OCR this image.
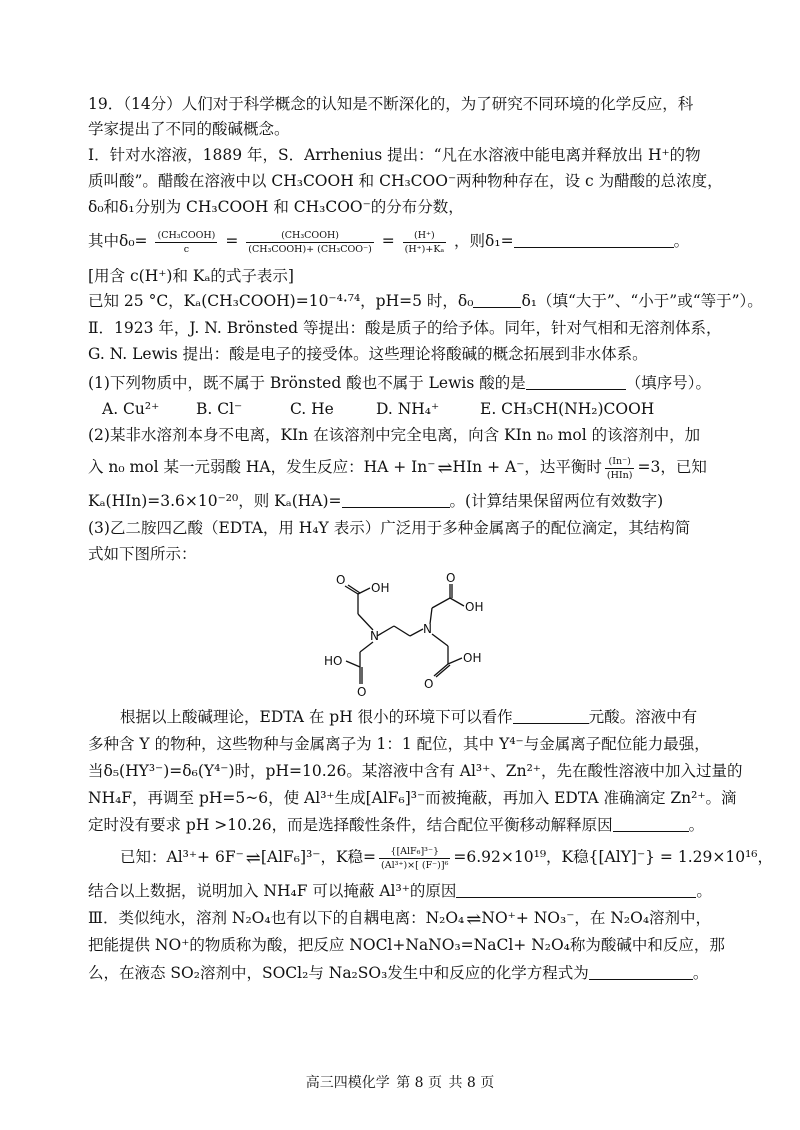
19．（14分）人们对于科学概念的认知是不断深化的，为了研究不同环境的化学反应，科
学家提出了不同的酸碱概念。
Ⅰ．针对水溶液，1889 年，S．Arrhenius 提出：“凡在水溶液中能电离并释放出 H⁺的物
质叫酸”。醋酸在溶液中以 CH₃COOH 和 CH₃COO⁻两种物种存在，设 c 为醋酸的总浓度，
δ₀和δ₁分别为 CH₃COOH 和 CH₃COO⁻的分布分数，
其中$\delta_0= \frac{\text{(CH₃COOH)}}{c} = \frac{\text{(CH₃COOH)}}{\text{(CH₃COOH)+ (CH₃COO⁻)}} = \frac{(H^+)}{\text{(H⁺)+Kₐ}}$ ，则δ₁=	。
[用含 c(H⁺)和 Kₐ的式子表示]
已知 25 °C，Kₐ(CH₃COOH)=10⁻⁴·⁷⁴，pH=5 时，δ₀	δ₁（填“大于”、“小于”或“等于”）。
Ⅱ．1923 年，J. N. Brönsted 等提出：酸是质子的给予体。同年，针对气相和无溶剂体系，
G. N. Lewis 提出：酸是电子的接受体。这些理论将酸碱的概念拓展到非水体系。
(1)下列物质中，既不属于 Brönsted 酸也不属于 Lewis 酸的是	（填序号）。
A. Cu²⁺ B. Cl⁻	C. He	D. NH₄⁺	E. CH₃CH(NH₂)COOH
(2)某非水溶剂本身不电离，KIn 在该溶剂中完全电离，向含 KIn n₀ mol 的该溶剂中，加
入 n₀ mol 某一元弱酸 HA，发生反应：HA + In⁻ ⇌ HIn + A⁻，达平衡时 $\frac{(In^-)}{\text{(HIn)}} =3$，已知
Kₐ(HIn)=3.6×10⁻²⁰，则 Kₐ(HA)=	。(计算结果保留两位有效数字)
(3)乙二胺四乙酸（EDTA，用 H₄Y 表示）广泛用于多种金属离子的配位滴定，其结构简
式如下图所示：
O
OH
N	N
O
OH
HO
O
O
OH
根据以上酸碱理论，EDTA 在 pH 很小的环境下可以看作	元酸。溶液中有
多种含 Y 的物种，这些物种与金属离子为 1：1 配位，其中 Y⁴⁻与金属离子配位能力最强，
当δ₅(HY³⁻)=δ₆(Y⁴⁻)时，pH=10.26。某溶液中含有 Al³⁺、Zn²⁺，先在酸性溶液中加入过量的
NH₄F，再调至 pH=5~6，使 Al³⁺生成[AlF₆]³⁻而被掩蔽，再加入 EDTA 准确滴定 Zn²⁺。滴
定时没有要求 pH >10.26，而是选择酸性条件，结合配位平衡移动解释原因	。
已知：Al³⁺+ 6F⁻ ⇌ [AlF₆]³⁻，K稳= $\frac{\text{\{[AlF₆]³⁻\}}}{\text{(Al³⁺)×[ (F⁻)]⁶}} =6.92\times 10^{19}$，K稳{[AlY]⁻} = 1.29×10¹⁶，
结合以上数据，说明加入 NH₄F 可以掩蔽 Al³⁺的原因	。
Ⅲ．类似纯水，溶剂 N₂O₄也有以下的自耦电离：N₂O₄ ⇌ NO⁺+ NO₃⁻，在 N₂O₄溶剂中，
把能提供 NO⁺的物质称为酸，把反应 NOCl+NaNO₃=NaCl+ N₂O₄称为酸碱中和反应，那
么，在液态 SO₂溶剂中，SOCl₂与 Na₂SO₃发生中和反应的化学方程式为	。
高三四模化学 第 8 页 共 8 页
